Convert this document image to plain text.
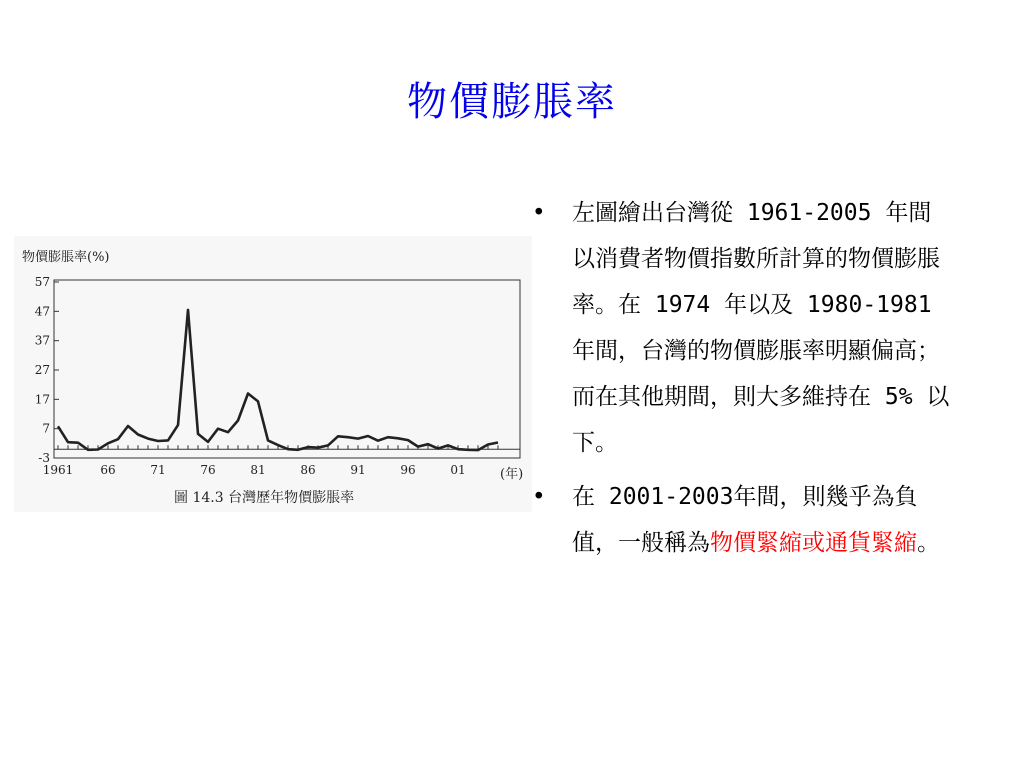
物價膨脹率
物價膨脹率(%)
-3
7
17
27
37
47
57
1961 66	71	76	81	86	91	96	01	(年)
圖 14.3 台灣歷年物價膨脹率
• 左圖繪出台灣從 1961-2005 年間以消費者物價指數所計算的物價膨脹率。在 1974 年以及 1980-1981 年間，台灣的物價膨脹率明顯偏高；而在其他期間，則大多維持在 5% 以下。
• 在 2001-2003年間，則幾乎為負值，一般稱為物價緊縮或通貨緊縮。
